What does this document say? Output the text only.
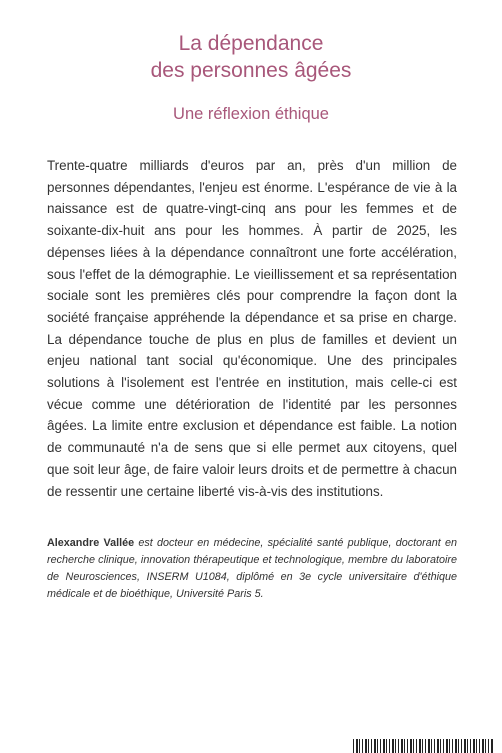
La dépendance
des personnes âgées
Une réflexion éthique
Trente-quatre milliards d'euros par an, près d'un million de personnes dépendantes, l'enjeu est énorme. L'espérance de vie à la naissance est de quatre-vingt-cinq ans pour les femmes et de soixante-dix-huit ans pour les hommes. À partir de 2025, les dépenses liées à la dépendance connaîtront une forte accélération, sous l'effet de la démographie. Le vieillissement et sa représentation sociale sont les premières clés pour comprendre la façon dont la société française appréhende la dépendance et sa prise en charge. La dépendance touche de plus en plus de familles et devient un enjeu national tant social qu'économique. Une des principales solutions à l'isolement est l'entrée en institution, mais celle-ci est vécue comme une détérioration de l'identité par les personnes âgées. La limite entre exclusion et dépendance est faible. La notion de communauté n'a de sens que si elle permet aux citoyens, quel que soit leur âge, de faire valoir leurs droits et de permettre à chacun de ressentir une certaine liberté vis-à-vis des institutions.
Alexandre Vallée est docteur en médecine, spécialité santé publique, doctorant en recherche clinique, innovation thérapeutique et technologique, membre du laboratoire de Neurosciences, INSERM U1084, diplômé en 3e cycle universitaire d'éthique médicale et de bioéthique, Université Paris 5.
